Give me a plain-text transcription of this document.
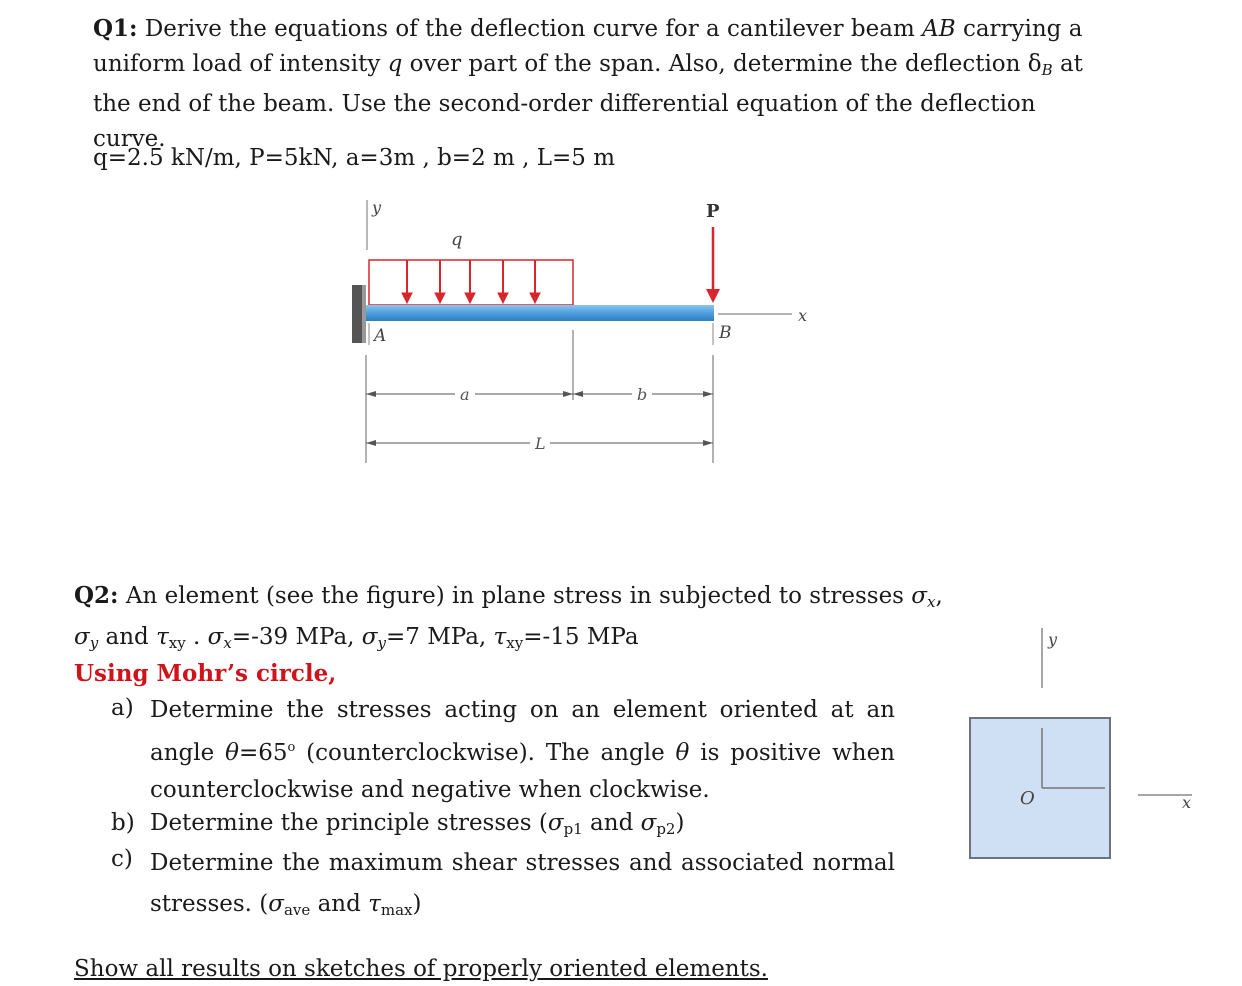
Q1: Derive the equations of the deflection curve for a cantilever beam AB carrying a uniform load of intensity q over part of the span. Also, determine the deflection $\delta_B$ at the end of the beam. Use the second-order differential equation of the deflection curve.
q=2.5 kN/m, P=5kN, a=3m , b=2 m , L=5 m
y
q
P
x
A	B
a	b
L
Q2: An element (see the figure) in plane stress in subjected to stresses $\sigma_x$,
$\sigma_y$ and $\tau_{xy}$ . $\sigma_x=-39$ MPa, $\sigma_y=7$ MPa, $\tau_{xy}=-15$ MPa
Using Mohr’s circle,
a) Determine the stresses acting on an element oriented at an angle $\theta=65^o$ (counterclockwise). The angle θ is positive when counterclockwise and negative when clockwise.
b) Determine the principle stresses ($\sigma_{p1}$ and $\sigma_{p2}$)
c) Determine the maximum shear stresses and associated normal stresses. ($\sigma_{ave}$ and $\tau_{max}$)
Show all results on sketches of properly oriented elements.
y
O	x
